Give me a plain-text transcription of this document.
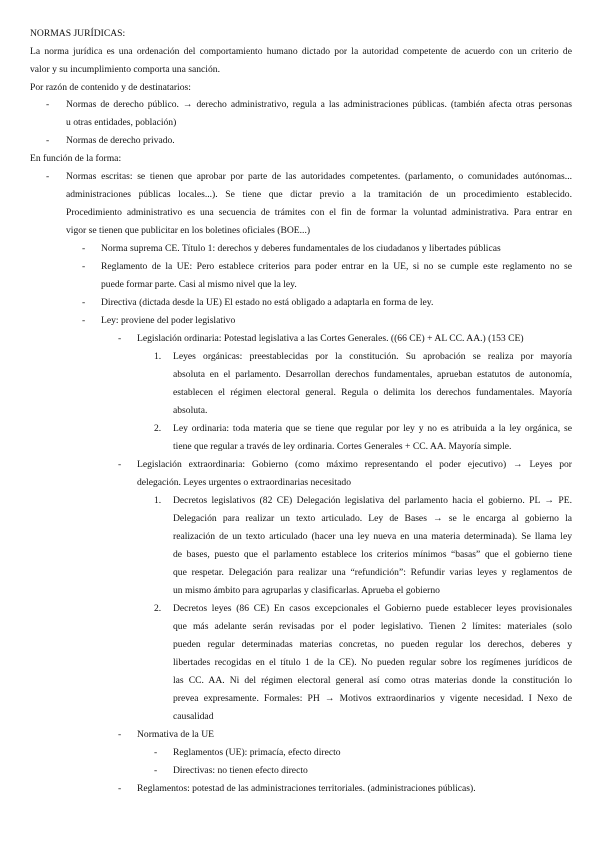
NORMAS JURÍDICAS:
La norma jurídica es una ordenación del comportamiento humano dictado por la autoridad competente de acuerdo con un criterio de
valor y su incumplimiento comporta una sanción.
Por razón de contenido y de destinatarios:
- Normas de derecho público. → derecho administrativo, regula a las administraciones públicas. (también afecta otras personas
u otras entidades, población)
- Normas de derecho privado.
En función de la forma:
- Normas escritas: se tienen que aprobar por parte de las autoridades competentes. (parlamento, o comunidades autónomas...
administraciones públicas locales...). Se tiene que dictar previo a la tramitación de un procedimiento establecido.
Procedimiento administrativo es una secuencia de trámites con el fin de formar la voluntad administrativa. Para entrar en
vigor se tienen que publicitar en los boletines oficiales (BOE...)
- Norma suprema CE. Título 1: derechos y deberes fundamentales de los ciudadanos y libertades públicas
- Reglamento de la UE: Pero establece criterios para poder entrar en la UE, si no se cumple este reglamento no se
puede formar parte. Casi al mismo nivel que la ley.
- Directiva (dictada desde la UE) El estado no está obligado a adaptarla en forma de ley.
- Ley: proviene del poder legislativo
- Legislación ordinaria: Potestad legislativa a las Cortes Generales. ((66 CE) + AL CC. AA.) (153 CE)
1. Leyes orgánicas: preestablecidas por la constitución. Su aprobación se realiza por mayoría
absoluta en el parlamento. Desarrollan derechos fundamentales, aprueban estatutos de autonomía,
establecen el régimen electoral general. Regula o delimita los derechos fundamentales. Mayoría
absoluta.
2. Ley ordinaria: toda materia que se tiene que regular por ley y no es atribuida a la ley orgánica, se
tiene que regular a través de ley ordinaria. Cortes Generales + CC. AA. Mayoría simple.
- Legislación extraordinaria: Gobierno (como máximo representando el poder ejecutivo) → Leyes por
delegación. Leyes urgentes o extraordinarias necesitado
1. Decretos legislativos (82 CE) Delegación legislativa del parlamento hacia el gobierno. PL → PE.
Delegación para realizar un texto articulado. Ley de Bases → se le encarga al gobierno la
realización de un texto articulado (hacer una ley nueva en una materia determinada). Se llama ley
de bases, puesto que el parlamento establece los criterios mínimos “basas” que el gobierno tiene
que respetar. Delegación para realizar una “refundición”: Refundir varias leyes y reglamentos de
un mismo ámbito para agruparlas y clasificarlas. Aprueba el gobierno
2. Decretos leyes (86 CE) En casos excepcionales el Gobierno puede establecer leyes provisionales
que más adelante serán revisadas por el poder legislativo. Tienen 2 límites: materiales (solo
pueden regular determinadas materias concretas, no pueden regular los derechos, deberes y
libertades recogidas en el título 1 de la CE). No pueden regular sobre los regímenes jurídicos de
las CC. AA. Ni del régimen electoral general así como otras materias donde la constitución lo
prevea expresamente. Formales: PH → Motivos extraordinarios y vigente necesidad. I Nexo de
causalidad
- Normativa de la UE
- Reglamentos (UE): primacía, efecto directo
- Directivas: no tienen efecto directo
- Reglamentos: potestad de las administraciones territoriales. (administraciones públicas).
